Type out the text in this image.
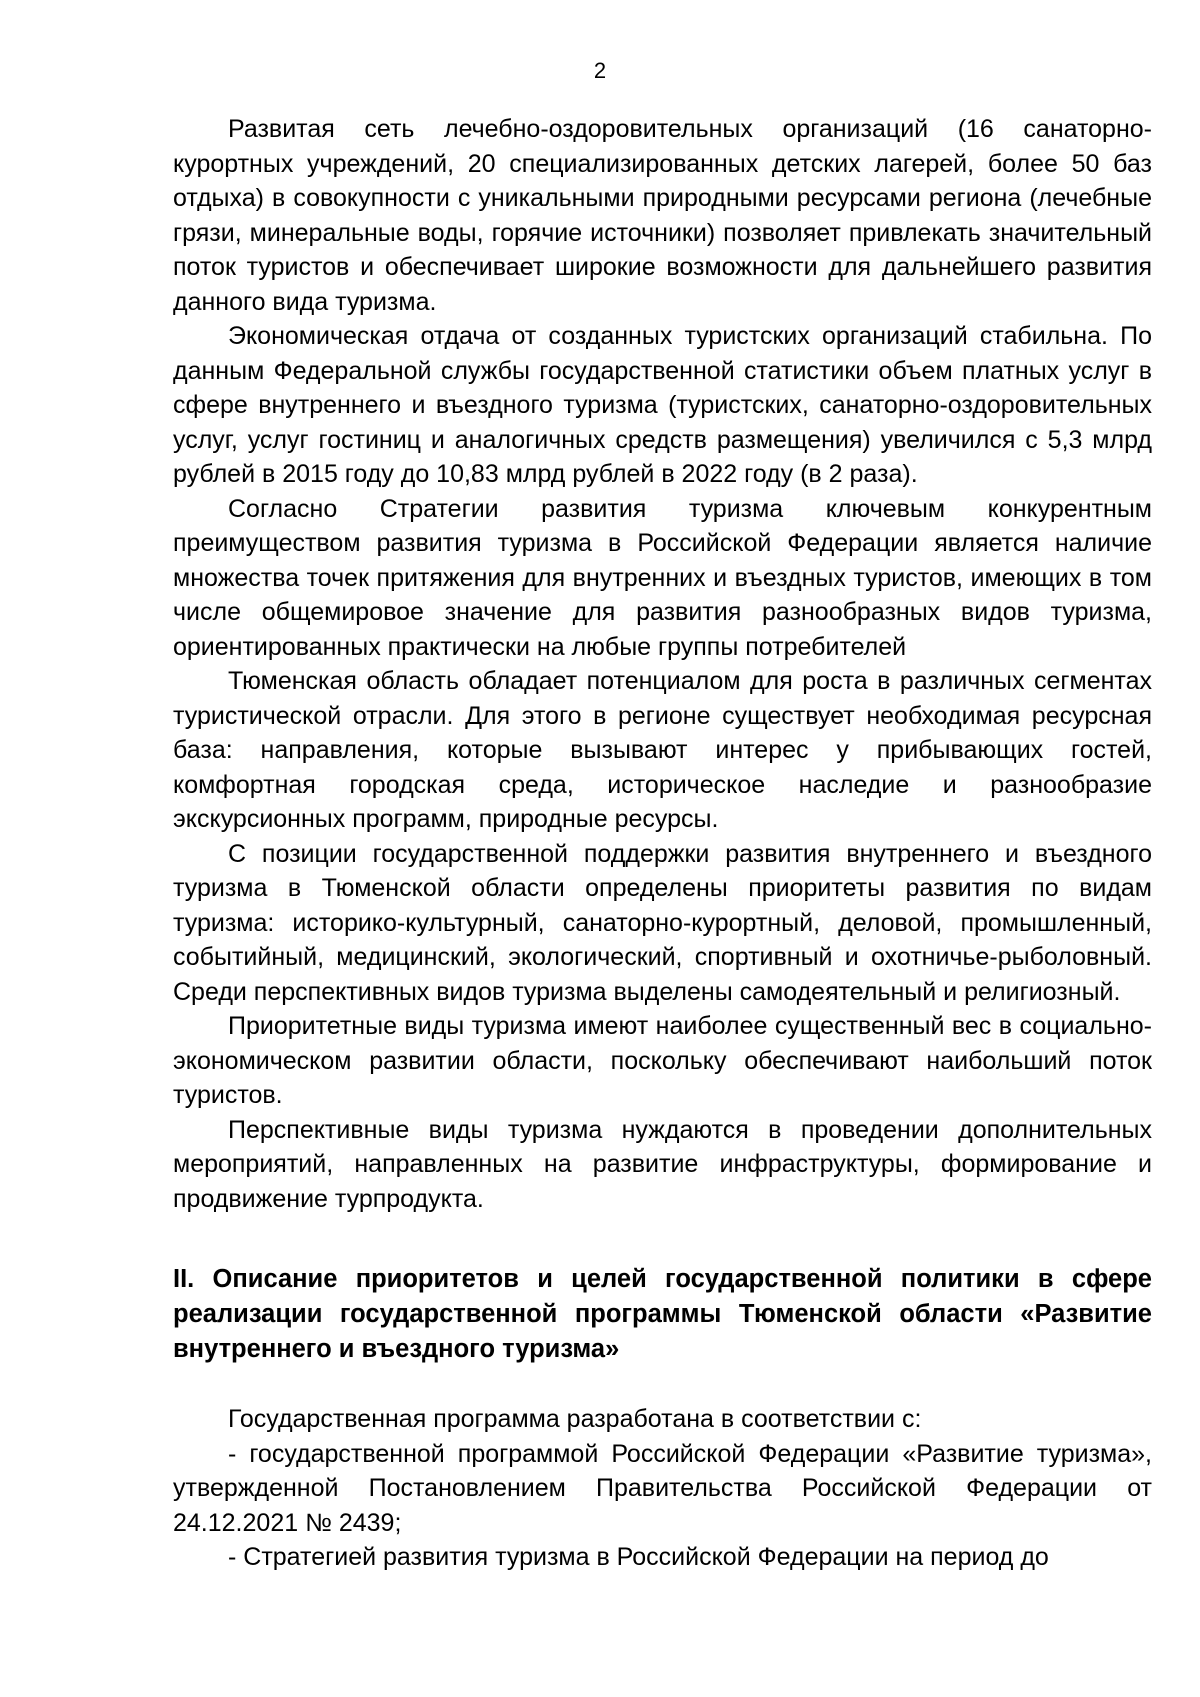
2

Развитая сеть лечебно-оздоровительных организаций (16 санаторно-курортных учреждений, 20 специализированных детских лагерей, более 50 баз отдыха) в совокупности с уникальными природными ресурсами региона (лечебные грязи, минеральные воды, горячие источники) позволяет привлекать значительный поток туристов и обеспечивает широкие возможности для дальнейшего развития данного вида туризма.

Экономическая отдача от созданных туристских организаций стабильна. По данным Федеральной службы государственной статистики объем платных услуг в сфере внутреннего и въездного туризма (туристских, санаторно-оздоровительных услуг, услуг гостиниц и аналогичных средств размещения) увеличился с 5,3 млрд рублей в 2015 году до 10,83 млрд рублей в 2022 году (в 2 раза).

Согласно Стратегии развития туризма ключевым конкурентным преимуществом развития туризма в Российской Федерации является наличие множества точек притяжения для внутренних и въездных туристов, имеющих в том числе общемировое значение для развития разнообразных видов туризма, ориентированных практически на любые группы потребителей

Тюменская область обладает потенциалом для роста в различных сегментах туристической отрасли. Для этого в регионе существует необходимая ресурсная база: направления, которые вызывают интерес у прибывающих гостей, комфортная городская среда, историческое наследие и разнообразие экскурсионных программ, природные ресурсы.

С позиции государственной поддержки развития внутреннего и въездного туризма в Тюменской области определены приоритеты развития по видам туризма: историко-культурный, санаторно-курортный, деловой, промышленный, событийный, медицинский, экологический, спортивный и охотничье-рыболовный. Среди перспективных видов туризма выделены самодеятельный и религиозный.

Приоритетные виды туризма имеют наиболее существенный вес в социально-экономическом развитии области, поскольку обеспечивают наибольший поток туристов.

Перспективные виды туризма нуждаются в проведении дополнительных мероприятий, направленных на развитие инфраструктуры, формирование и продвижение турпродукта.

II. Описание приоритетов и целей государственной политики в сфере реализации государственной программы Тюменской области «Развитие внутреннего и въездного туризма»

Государственная программа разработана в соответствии с:

- государственной программой Российской Федерации «Развитие туризма», утвержденной Постановлением Правительства Российской Федерации от 24.12.2021 № 2439;

- Стратегией развития туризма в Российской Федерации на период до
